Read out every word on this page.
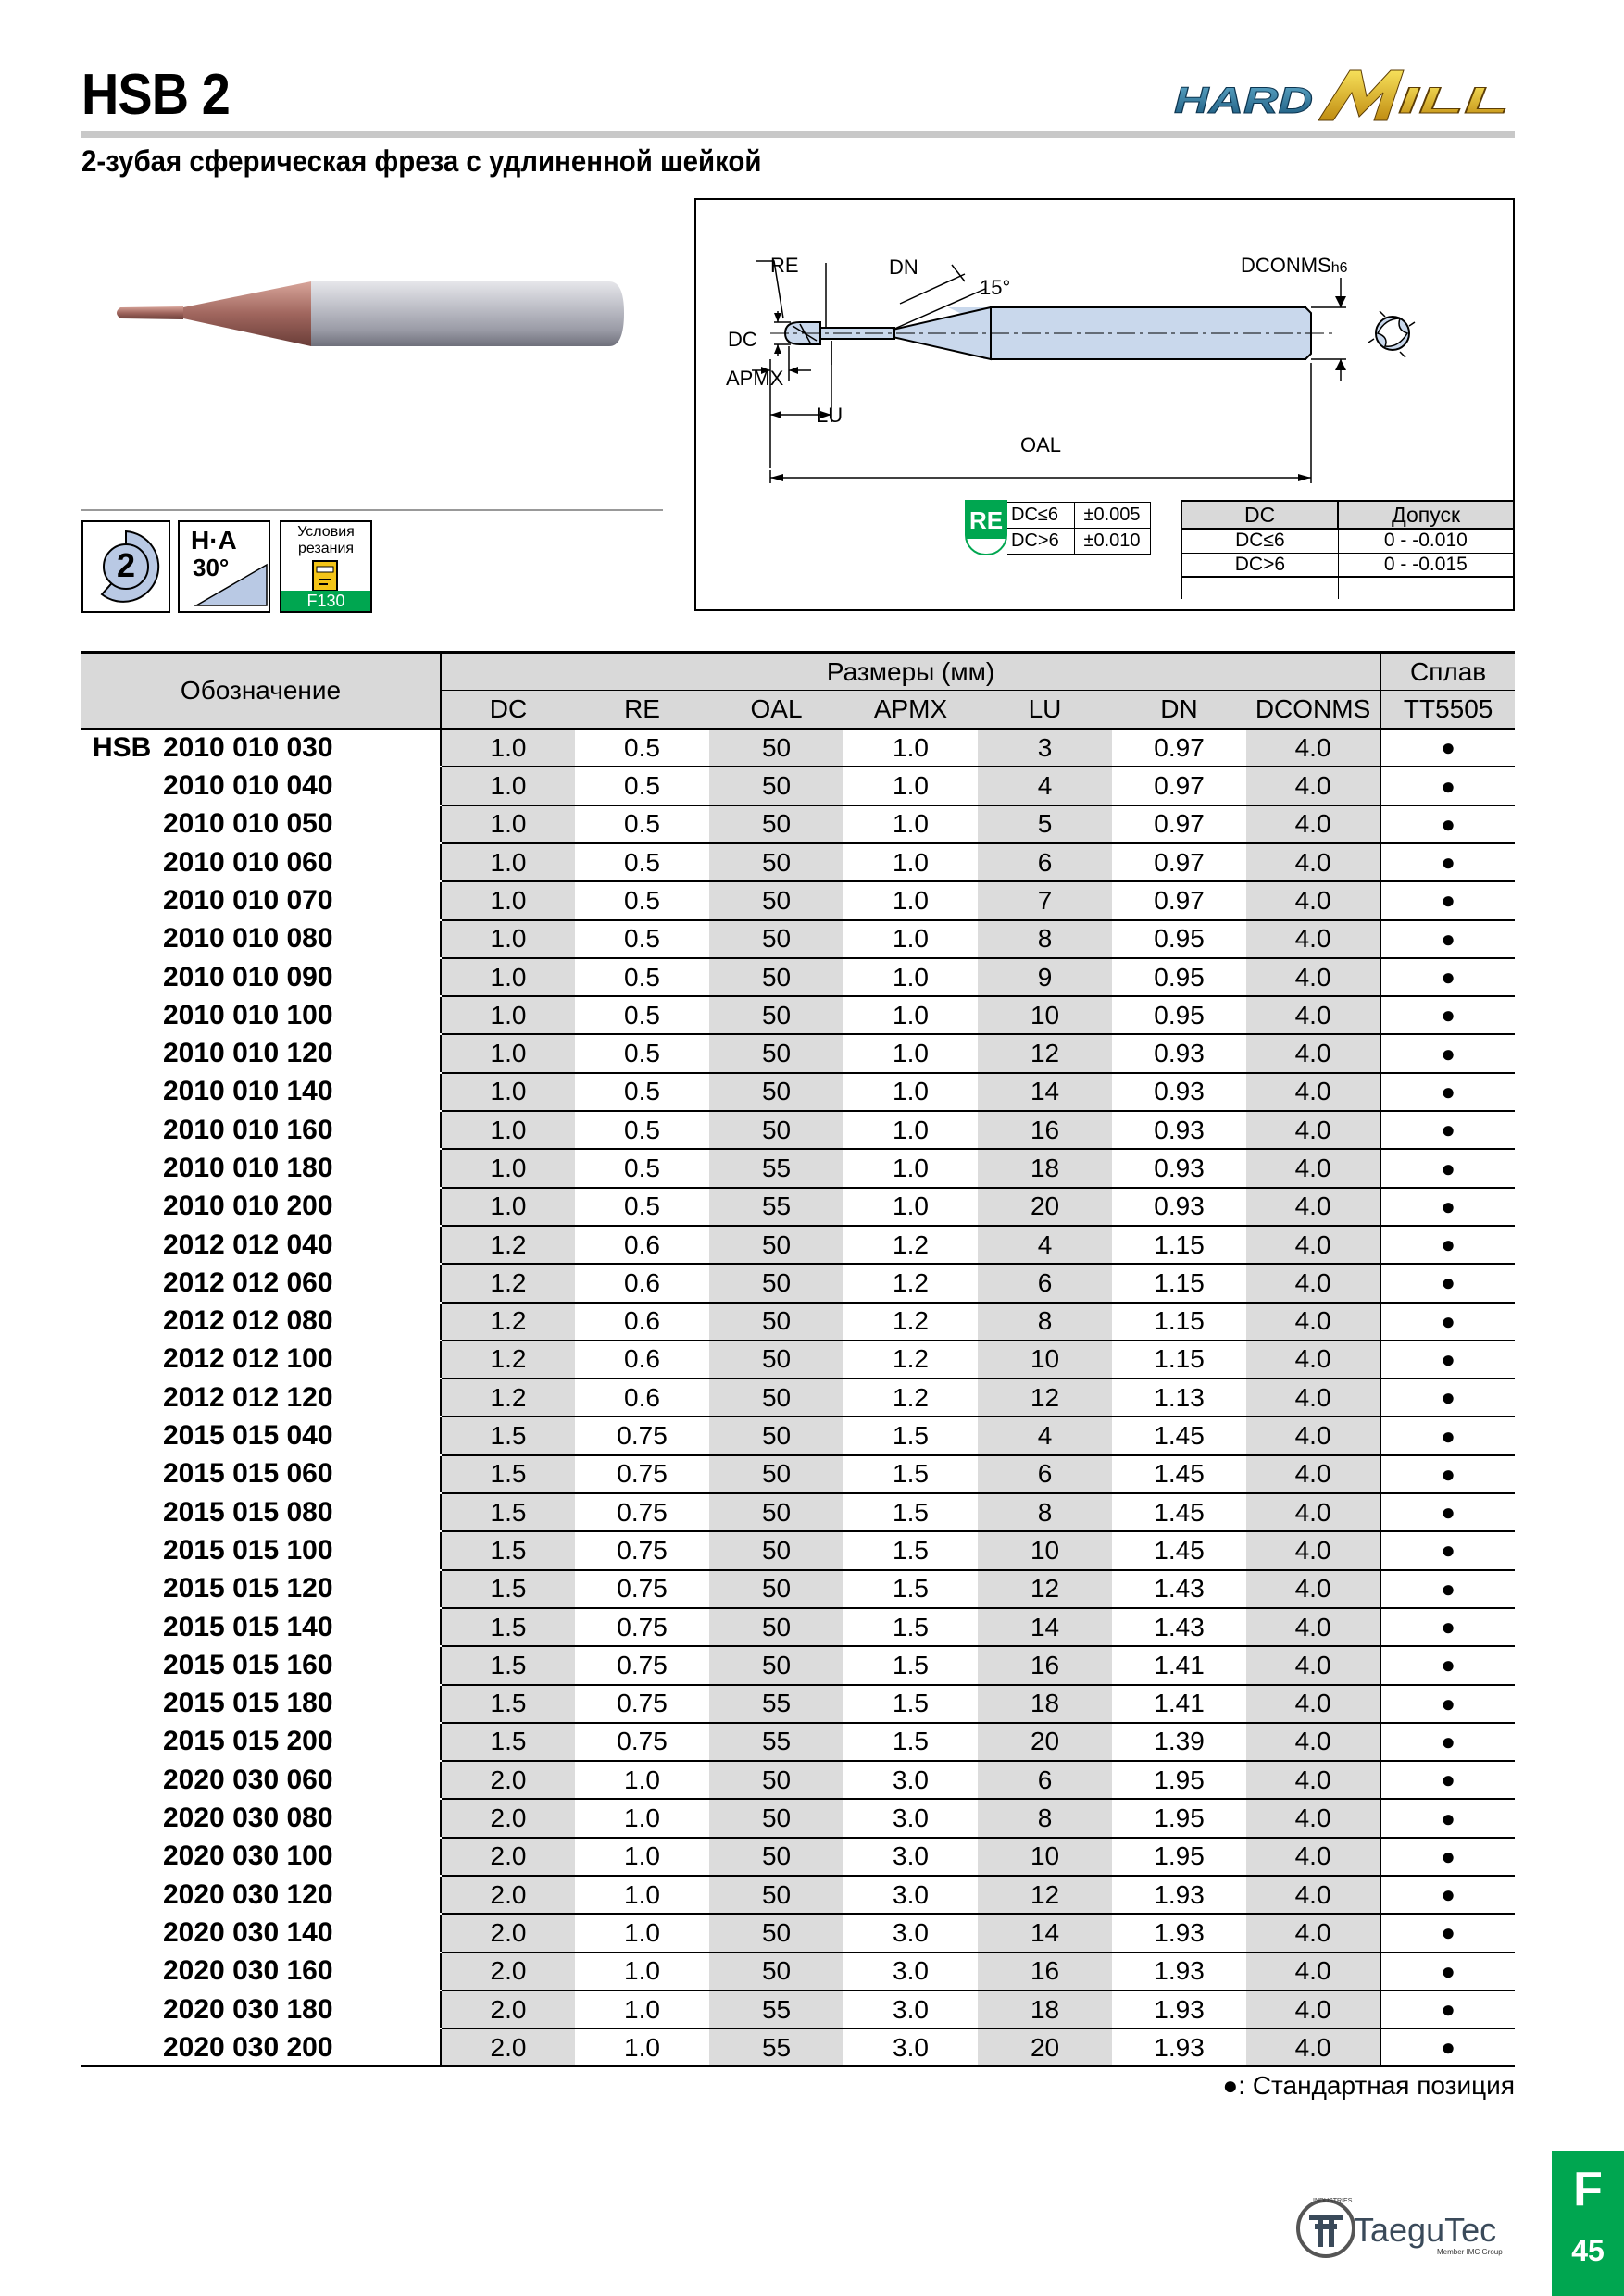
HSB 2
2-зубая сферическая фреза с удлиненной шейкой
HARD ILL
2
H·A
30°
Условия
резания
F130
RE	DN
15°
DCONMSh6
DC
APMX
LU
OAL
RE DC≤6	±0.005
DC>6	±0.010
DC	Допуск
DC≤6	0 - -0.010
DC>6	0 - -0.015

Обозначение		Размеры (мм)							Сплав
		DC	RE	OAL	APMX	LU	DN	DCONMS	TT5505
HSB	2010 010 030	1.0	0.5	50	1.0	3	0.97	4.0	●
	2010 010 040	1.0	0.5	50	1.0	4	0.97	4.0	●
	2010 010 050	1.0	0.5	50	1.0	5	0.97	4.0	●
	2010 010 060	1.0	0.5	50	1.0	6	0.97	4.0	●
	2010 010 070	1.0	0.5	50	1.0	7	0.97	4.0	●
	2010 010 080	1.0	0.5	50	1.0	8	0.95	4.0	●
	2010 010 090	1.0	0.5	50	1.0	9	0.95	4.0	●
	2010 010 100	1.0	0.5	50	1.0	10	0.95	4.0	●
	2010 010 120	1.0	0.5	50	1.0	12	0.93	4.0	●
	2010 010 140	1.0	0.5	50	1.0	14	0.93	4.0	●
	2010 010 160	1.0	0.5	50	1.0	16	0.93	4.0	●
	2010 010 180	1.0	0.5	55	1.0	18	0.93	4.0	●
	2010 010 200	1.0	0.5	55	1.0	20	0.93	4.0	●
	2012 012 040	1.2	0.6	50	1.2	4	1.15	4.0	●
	2012 012 060	1.2	0.6	50	1.2	6	1.15	4.0	●
	2012 012 080	1.2	0.6	50	1.2	8	1.15	4.0	●
	2012 012 100	1.2	0.6	50	1.2	10	1.15	4.0	●
	2012 012 120	1.2	0.6	50	1.2	12	1.13	4.0	●
	2015 015 040	1.5	0.75	50	1.5	4	1.45	4.0	●
	2015 015 060	1.5	0.75	50	1.5	6	1.45	4.0	●
	2015 015 080	1.5	0.75	50	1.5	8	1.45	4.0	●
	2015 015 100	1.5	0.75	50	1.5	10	1.45	4.0	●
	2015 015 120	1.5	0.75	50	1.5	12	1.43	4.0	●
	2015 015 140	1.5	0.75	50	1.5	14	1.43	4.0	●
	2015 015 160	1.5	0.75	50	1.5	16	1.41	4.0	●
	2015 015 180	1.5	0.75	55	1.5	18	1.41	4.0	●
	2015 015 200	1.5	0.75	55	1.5	20	1.39	4.0	●
	2020 030 060	2.0	1.0	50	3.0	6	1.95	4.0	●
	2020 030 080	2.0	1.0	50	3.0	8	1.95	4.0	●
	2020 030 100	2.0	1.0	50	3.0	10	1.95	4.0	●
	2020 030 120	2.0	1.0	50	3.0	12	1.93	4.0	●
	2020 030 140	2.0	1.0	50	3.0	14	1.93	4.0	●
	2020 030 160	2.0	1.0	50	3.0	16	1.93	4.0	●
	2020 030 180	2.0	1.0	55	3.0	18	1.93	4.0	●
	2020 030 200	2.0	1.0	55	3.0	20	1.93	4.0	●
●: Стандартная позиция
INDUSTRIES
TaeguTec
Member IMC Group
F
45
